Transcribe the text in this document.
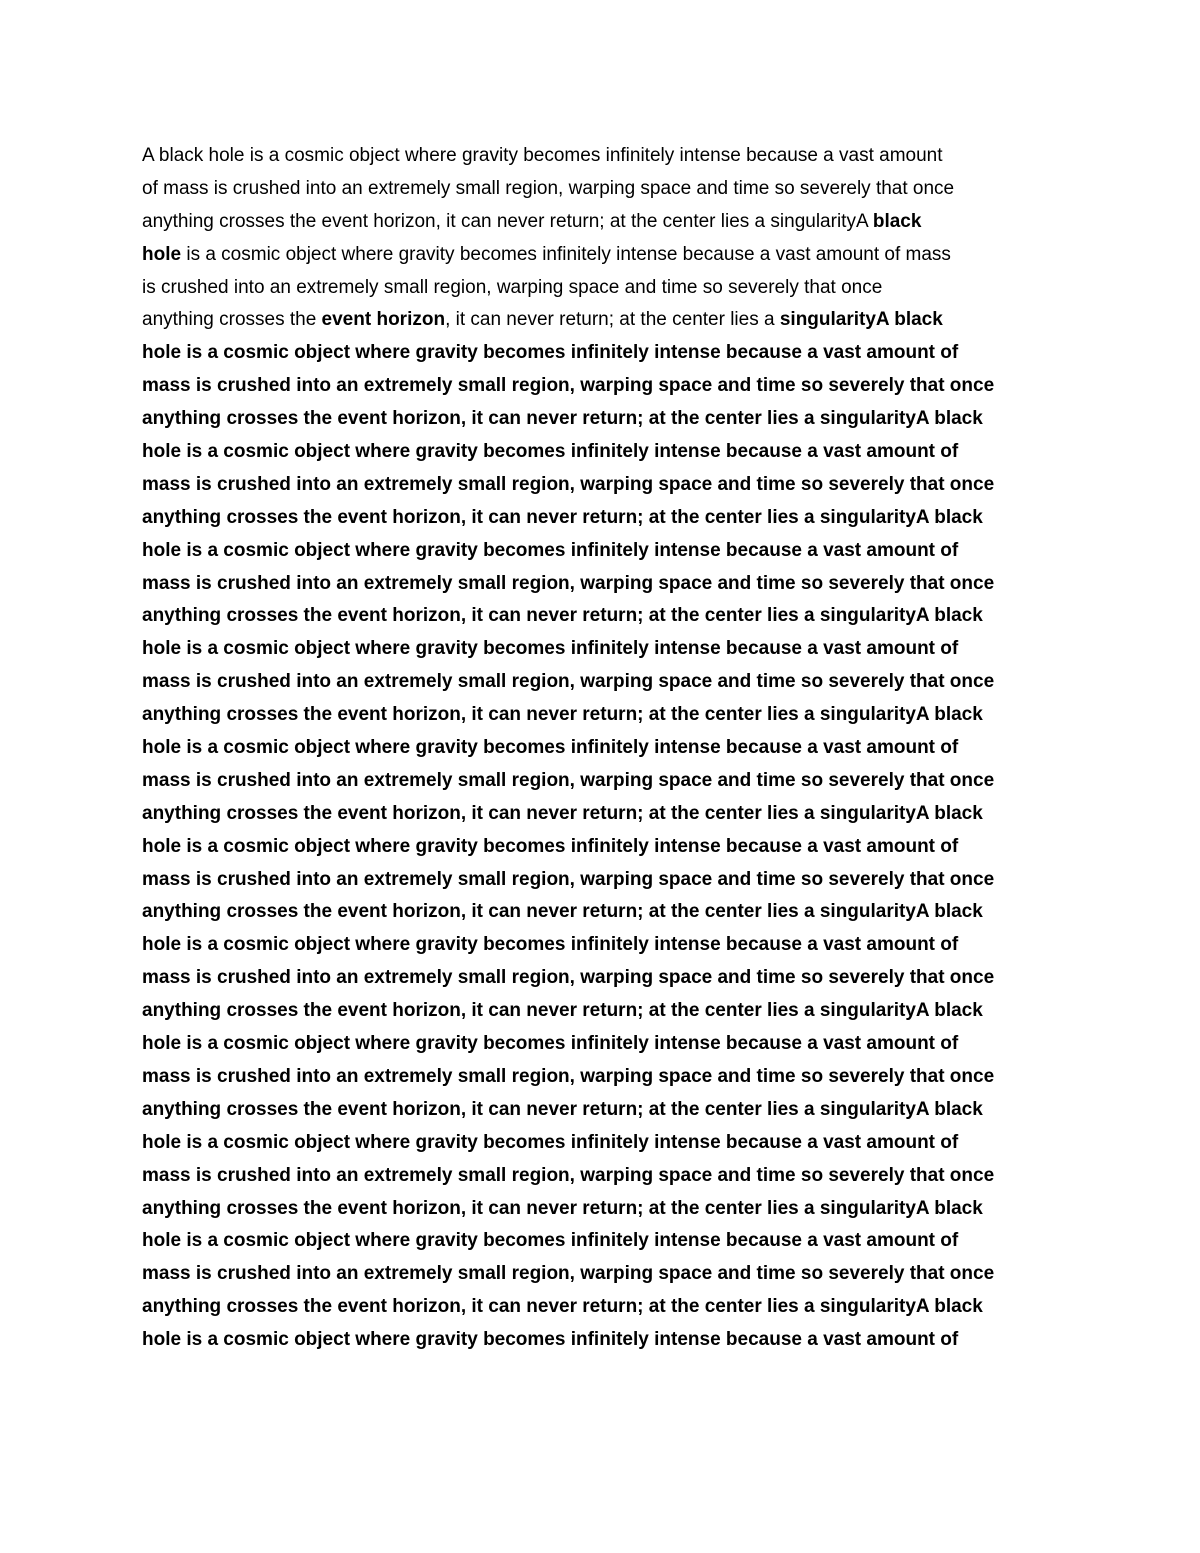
A black hole is a cosmic object where gravity becomes infinitely intense because a vast amount
of mass is crushed into an extremely small region, warping space and time so severely that once
anything crosses the event horizon, it can never return; at the center lies a singularityA black
hole is a cosmic object where gravity becomes infinitely intense because a vast amount of mass
is crushed into an extremely small region, warping space and time so severely that once
anything crosses the event horizon, it can never return; at the center lies a singularityA black
hole is a cosmic object where gravity becomes infinitely intense because a vast amount of
mass is crushed into an extremely small region, warping space and time so severely that once
anything crosses the event horizon, it can never return; at the center lies a singularityA black
hole is a cosmic object where gravity becomes infinitely intense because a vast amount of
mass is crushed into an extremely small region, warping space and time so severely that once
anything crosses the event horizon, it can never return; at the center lies a singularityA black
hole is a cosmic object where gravity becomes infinitely intense because a vast amount of
mass is crushed into an extremely small region, warping space and time so severely that once
anything crosses the event horizon, it can never return; at the center lies a singularityA black
hole is a cosmic object where gravity becomes infinitely intense because a vast amount of
mass is crushed into an extremely small region, warping space and time so severely that once
anything crosses the event horizon, it can never return; at the center lies a singularityA black
hole is a cosmic object where gravity becomes infinitely intense because a vast amount of
mass is crushed into an extremely small region, warping space and time so severely that once
anything crosses the event horizon, it can never return; at the center lies a singularityA black
hole is a cosmic object where gravity becomes infinitely intense because a vast amount of
mass is crushed into an extremely small region, warping space and time so severely that once
anything crosses the event horizon, it can never return; at the center lies a singularityA black
hole is a cosmic object where gravity becomes infinitely intense because a vast amount of
mass is crushed into an extremely small region, warping space and time so severely that once
anything crosses the event horizon, it can never return; at the center lies a singularityA black
hole is a cosmic object where gravity becomes infinitely intense because a vast amount of
mass is crushed into an extremely small region, warping space and time so severely that once
anything crosses the event horizon, it can never return; at the center lies a singularityA black
hole is a cosmic object where gravity becomes infinitely intense because a vast amount of
mass is crushed into an extremely small region, warping space and time so severely that once
anything crosses the event horizon, it can never return; at the center lies a singularityA black
hole is a cosmic object where gravity becomes infinitely intense because a vast amount of
mass is crushed into an extremely small region, warping space and time so severely that once
anything crosses the event horizon, it can never return; at the center lies a singularityA black
hole is a cosmic object where gravity becomes infinitely intense because a vast amount of
